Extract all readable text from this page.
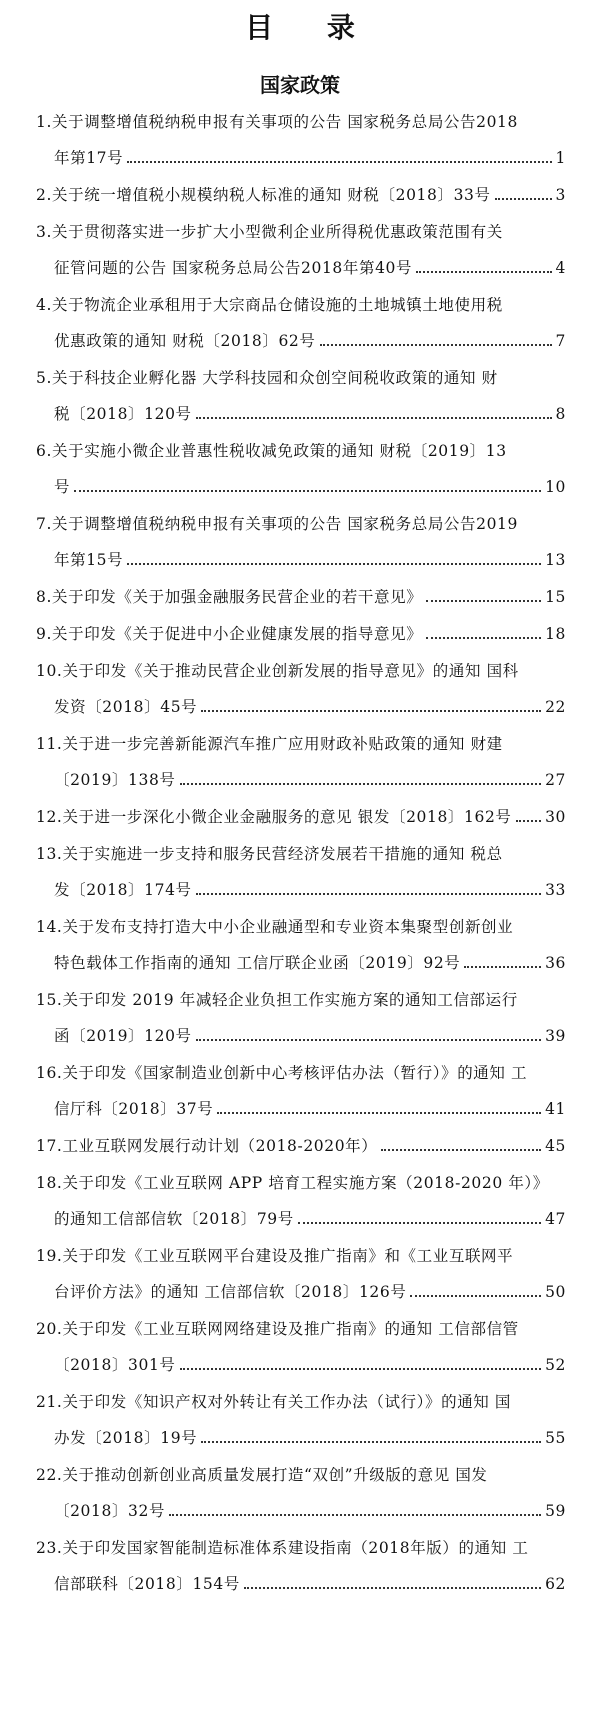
目 录
国家政策
1.关于调整增值税纳税申报有关事项的公告 国家税务总局公告2018
年第17号	1
2.关于统一增值税小规模纳税人标准的通知 财税〔2018〕33号	3
3.关于贯彻落实进一步扩大小型微利企业所得税优惠政策范围有关
征管问题的公告 国家税务总局公告2018年第40号	4
4.关于物流企业承租用于大宗商品仓储设施的土地城镇土地使用税
优惠政策的通知 财税〔2018〕62号	7
5.关于科技企业孵化器 大学科技园和众创空间税收政策的通知 财
税〔2018〕120号	8
6.关于实施小微企业普惠性税收减免政策的通知 财税〔2019〕13
号	10
7.关于调整增值税纳税申报有关事项的公告 国家税务总局公告2019
年第15号	13
8.关于印发《关于加强金融服务民营企业的若干意见》	15
9.关于印发《关于促进中小企业健康发展的指导意见》	18
10.关于印发《关于推动民营企业创新发展的指导意见》的通知 国科
发资〔2018〕45号	22
11.关于进一步完善新能源汽车推广应用财政补贴政策的通知 财建
〔2019〕138号	27
12.关于进一步深化小微企业金融服务的意见 银发〔2018〕162号 30
13.关于实施进一步支持和服务民营经济发展若干措施的通知 税总
发〔2018〕174号	33
14.关于发布支持打造大中小企业融通型和专业资本集聚型创新创业
特色载体工作指南的通知 工信厅联企业函〔2019〕92号	36
15.关于印发 2019 年减轻企业负担工作实施方案的通知工信部运行
函〔2019〕120号	39
16.关于印发《国家制造业创新中心考核评估办法（暂行）》的通知 工
信厅科〔2018〕37号	41
17.工业互联网发展行动计划（2018-2020年）	45
18.关于印发《工业互联网 APP 培育工程实施方案（2018-2020 年）》
的通知工信部信软〔2018〕79号	47
19.关于印发《工业互联网平台建设及推广指南》和《工业互联网平
台评价方法》的通知 工信部信软〔2018〕126号	50
20.关于印发《工业互联网网络建设及推广指南》的通知 工信部信管
〔2018〕301号	52
21.关于印发《知识产权对外转让有关工作办法（试行）》的通知 国
办发〔2018〕19号	55
22.关于推动创新创业高质量发展打造“双创”升级版的意见 国发
〔2018〕32号	59
23.关于印发国家智能制造标准体系建设指南（2018年版）的通知 工
信部联科〔2018〕154号	62
